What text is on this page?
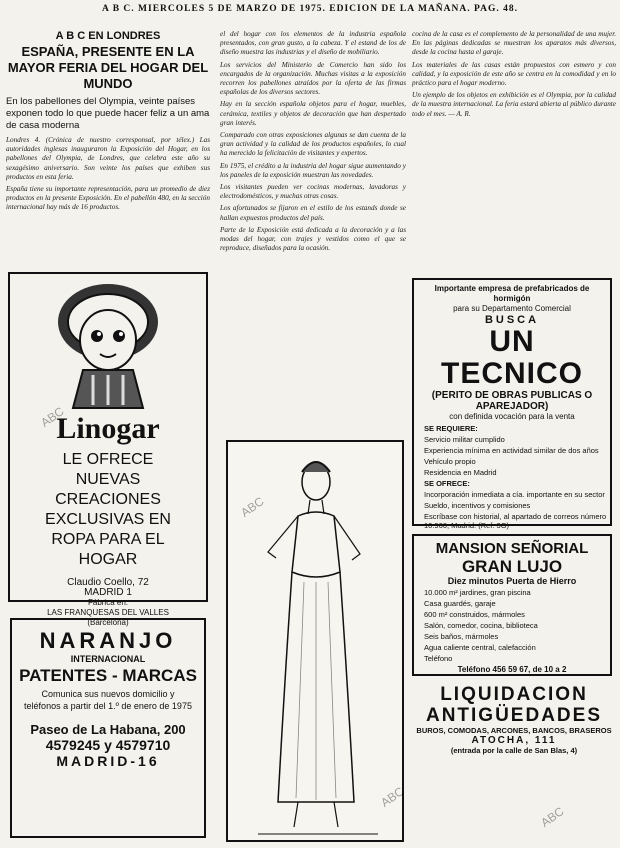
A B C. MIERCOLES 5 DE MARZO DE 1975. EDICION DE LA MAÑANA. PAG. 48.
A B C EN LONDRES
ESPAÑA, PRESENTE EN LA MAYOR FERIA DEL HOGAR DEL MUNDO
En los pabellones del Olympia, veinte países exponen todo lo que puede hacer feliz a un ama de casa moderna

Londres 4. (Crónica de nuestro corresponsal, por télex.) Las autoridades inglesas inauguraron la Exposición del Hogar, en los pabellones del Olympia, de Londres, que celebra este año su sexagésimo aniversario. Son veinte los países que exhiben sus productos en esta feria.

España tiene su importante representación, para un promedio de diez productos en la presente Exposición. En el pabellón 480, en la sección internacional hay más de 16 productos.

Linogar
LE OFRECE
NUEVAS
CREACIONES
EXCLUSIVAS EN
ROPA PARA EL
HOGAR
Claudio Coello, 72
MADRID 1
Fábrica en:
LAS FRANQUESAS DEL VALLES
(Barcelona)
NARANJO
INTERNACIONAL
PATENTES - MARCAS
Comunica sus nuevos domicilio y teléfonos a partir del 1.º de enero de 1975
Paseo de La Habana, 200
4579245 y 4579710
MADRID-16

el del hogar con los elementos de la industria española presentados, con gran gusto, a la cabeza. Y el estand de los de diseño muestra las industrias y el diseño de mobiliario.

Los servicios del Ministerio de Comercio han sido los encargados de la organización. Muchas visitas a la exposición recorren los pabellones atraídos por la oferta de las firmas españolas de los diversos sectores.

Hay en la sección española objetos para el hogar, muebles, cerámica, textiles y objetos de decoración que han despertado gran interés.

Comparado con otras exposiciones algunas se dan cuenta de la gran actividad y la calidad de los productos españoles, lo cual ha merecido la felicitación de visitantes y expertos.

En 1975, el crédito a la industria del hogar sigue aumentando y los paneles de la exposición muestran las novedades.

Los visitantes pueden ver cocinas modernas, lavadoras y electrodomésticos, y muchas otras cosas.

Los afortunados se fijaron en el estilo de los estands donde se hallan expuestos productos del país.

Parte de la Exposición está dedicada a la decoración y a las modas del hogar, con trajes y vestidos como el que se reproduce, diseñados para la ocasión.

cocina de la casa es el complemento de la personalidad de una mujer. En las páginas dedicadas se muestran los aparatos más diversos, desde la cocina hasta el garaje.

Los materiales de las casas están propuestos con esmero y con calidad, y la exposición de este año se centra en la comodidad y en lo práctico para el hogar moderno.

Un ejemplo de los objetos en exhibición es el Olympia, por la calidad de la muestra internacional. La feria estará abierta al público durante todo el mes. — A. R.

Importante empresa de prefabricados de hormigón
para su Departamento Comercial
BUSCA
UN TECNICO
(PERITO DE OBRAS PUBLICAS O APAREJADOR)
con definida vocación para la venta
SE REQUIERE:
Servicio militar cumplido
Experiencia mínima en actividad similar de dos años
Vehículo propio
Residencia en Madrid
SE OFRECE:
Incorporación inmediata a cía. importante en su sector
Sueldo, incentivos y comisiones
Escríbase con historial, al apartado de correos número 10.966, Madrid. (Ref. 3G)
MANSION SEÑORIAL
GRAN LUJO
Diez minutos Puerta de Hierro
10.000 m² jardines, gran piscina
Casa guardés, garaje
600 m² construidos, mármoles
Salón, comedor, cocina, biblioteca
Seis baños, mármoles
Agua caliente central, calefacción
Teléfono
Teléfono 456 59 67, de 10 a 2
LIQUIDACION
ANTIGÜEDADES
BUROS, COMODAS, ARCONES, BANCOS, BRASEROS
ATOCHA, 111
(entrada por la calle de San Blas, 4)
ABC
ABC
ABC
ABC
